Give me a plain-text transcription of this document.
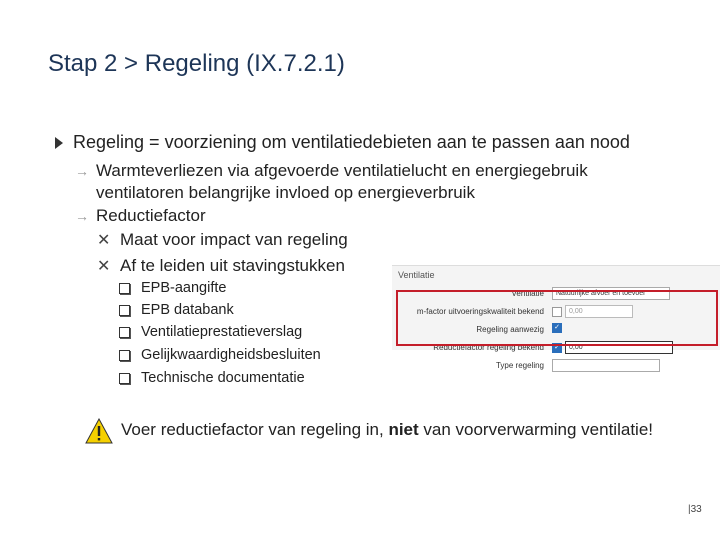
Stap 2 > Regeling (IX.7.2.1)
Regeling = voorziening om ventilatiedebieten aan te passen aan nood
→ Warmteverliezen via afgevoerde ventilatielucht en energiegebruik
ventilatoren belangrijke invloed op energieverbruik
→ Reductiefactor
✕ Maat voor impact van regeling
✕ Af te leiden uit stavingstukken
EPB-aangifte
EPB databank
Ventilatieprestatieverslag
Gelijkwaardigheidsbesluiten
Technische documentatie
Ventilatie
Ventilatie	Natuurlijke afvoer en toevoer
m-factor uitvoeringskwaliteit bekend	0,00
Regeling aanwezig ✓
Reductiefactor regeling bekend ✓	0,00
Type regeling
Voer reductiefactor van regeling in, niet van voorverwarming ventilatie!
|33
